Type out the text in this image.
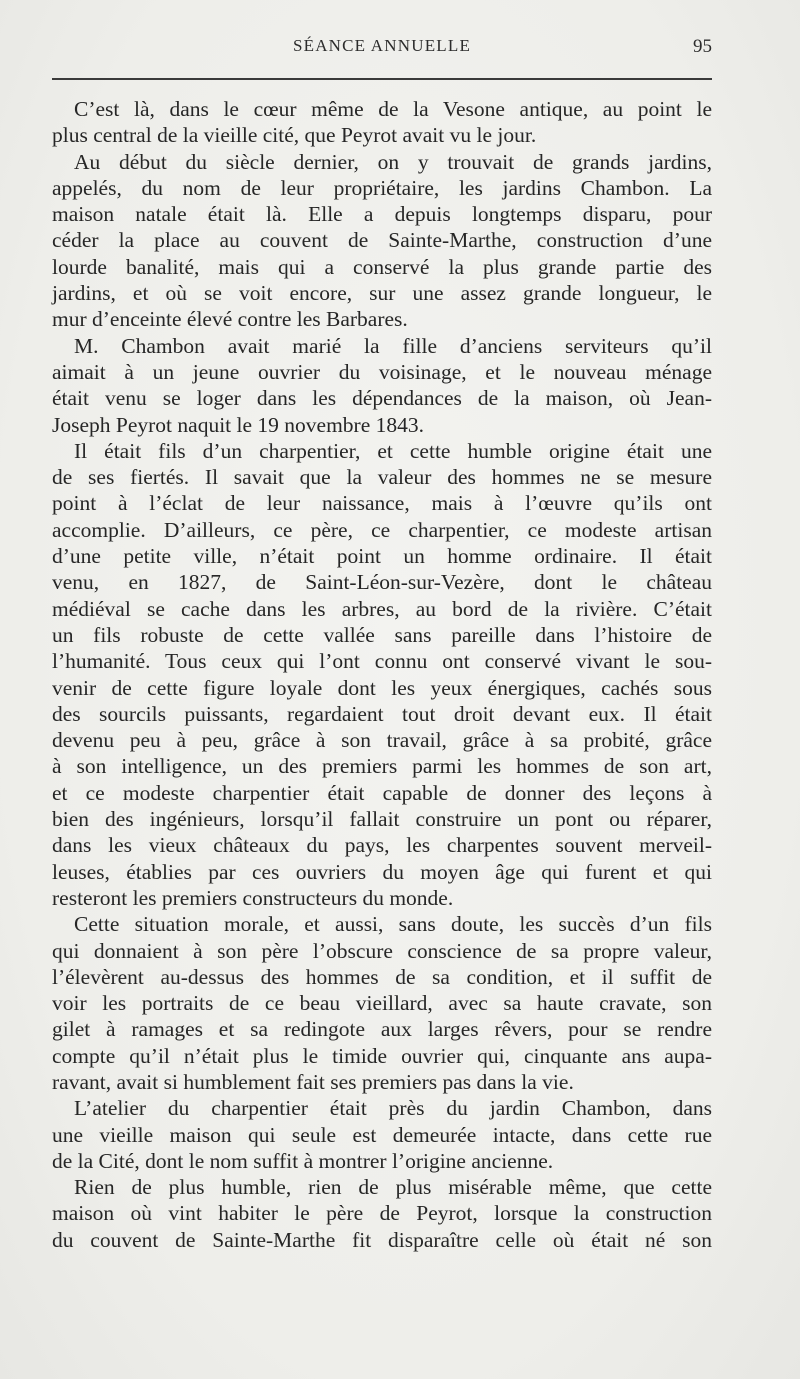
SÉANCE ANNUELLE	95
C’est là, dans le cœur même de la Vesone antique, au point le
plus central de la vieille cité, que Peyrot avait vu le jour.
Au début du siècle dernier, on y trouvait de grands jardins,
appelés, du nom de leur propriétaire, les jardins Chambon. La
maison natale était là. Elle a depuis longtemps disparu, pour
céder la place au couvent de Sainte-Marthe, construction d’une
lourde banalité, mais qui a conservé la plus grande partie des
jardins, et où se voit encore, sur une assez grande longueur, le
mur d’enceinte élevé contre les Barbares.
M. Chambon avait marié la fille d’anciens serviteurs qu’il
aimait à un jeune ouvrier du voisinage, et le nouveau ménage
était venu se loger dans les dépendances de la maison, où Jean-
Joseph Peyrot naquit le 19 novembre 1843.
Il était fils d’un charpentier, et cette humble origine était une
de ses fiertés. Il savait que la valeur des hommes ne se mesure
point à l’éclat de leur naissance, mais à l’œuvre qu’ils ont
accomplie. D’ailleurs, ce père, ce charpentier, ce modeste artisan
d’une petite ville, n’était point un homme ordinaire. Il était
venu, en 1827, de Saint-Léon-sur-Vezère, dont le château
médiéval se cache dans les arbres, au bord de la rivière. C’était
un fils robuste de cette vallée sans pareille dans l’histoire de
l’humanité. Tous ceux qui l’ont connu ont conservé vivant le sou-
venir de cette figure loyale dont les yeux énergiques, cachés sous
des sourcils puissants, regardaient tout droit devant eux. Il était
devenu peu à peu, grâce à son travail, grâce à sa probité, grâce
à son intelligence, un des premiers parmi les hommes de son art,
et ce modeste charpentier était capable de donner des leçons à
bien des ingénieurs, lorsqu’il fallait construire un pont ou réparer,
dans les vieux châteaux du pays, les charpentes souvent merveil-
leuses, établies par ces ouvriers du moyen âge qui furent et qui
resteront les premiers constructeurs du monde.
Cette situation morale, et aussi, sans doute, les succès d’un fils
qui donnaient à son père l’obscure conscience de sa propre valeur,
l’élevèrent au-dessus des hommes de sa condition, et il suffit de
voir les portraits de ce beau vieillard, avec sa haute cravate, son
gilet à ramages et sa redingote aux larges rêvers, pour se rendre
compte qu’il n’était plus le timide ouvrier qui, cinquante ans aupa-
ravant, avait si humblement fait ses premiers pas dans la vie.
L’atelier du charpentier était près du jardin Chambon, dans
une vieille maison qui seule est demeurée intacte, dans cette rue
de la Cité, dont le nom suffit à montrer l’origine ancienne.
Rien de plus humble, rien de plus misérable même, que cette
maison où vint habiter le père de Peyrot, lorsque la construction
du couvent de Sainte-Marthe fit disparaître celle où était né son
